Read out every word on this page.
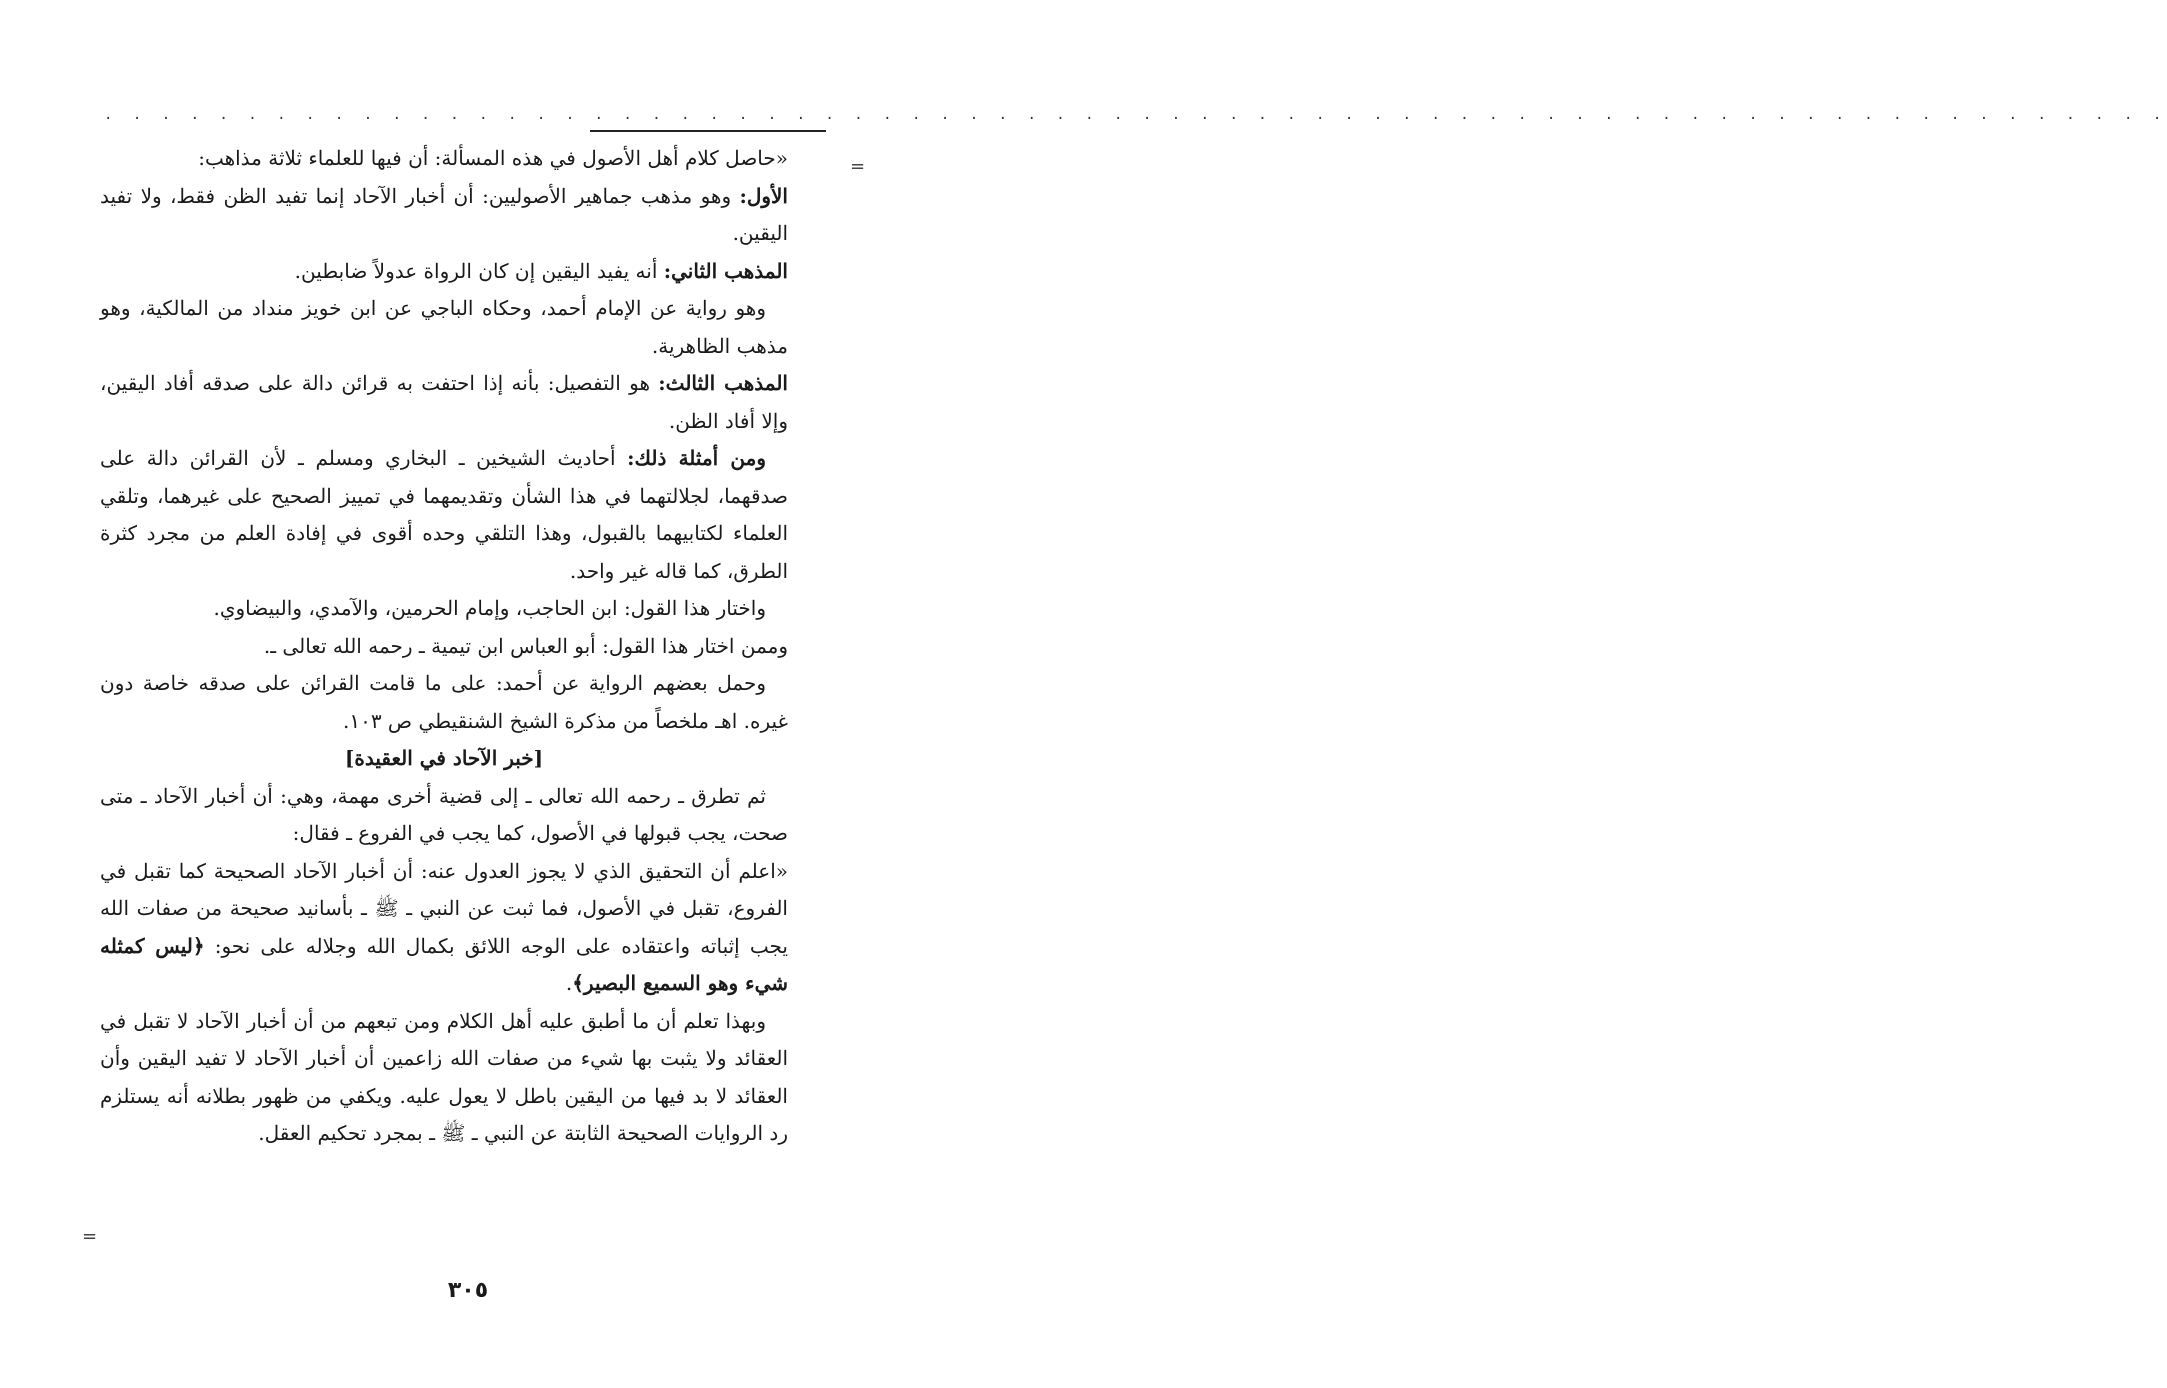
. . . . . . . . . . . . . . . . . . . . . . . . . . . . . . . . . . . . . . . . . . . . . . . . . . . . . . . . . . . . . . . . . . . . . . . .
=
=

«حاصل كلام أهل الأصول في هذه المسألة: أن فيها للعلماء ثلاثة مذاهب:

الأول: وهو مذهب جماهير الأصوليين: أن أخبار الآحاد إنما تفيد الظن فقط، ولا تفيد اليقين.

المذهب الثاني: أنه يفيد اليقين إن كان الرواة عدولاً ضابطين.

وهو رواية عن الإمام أحمد، وحكاه الباجي عن ابن خويز منداد من المالكية، وهو مذهب الظاهرية.

المذهب الثالث: هو التفصيل: بأنه إذا احتفت به قرائن دالة على صدقه أفاد اليقين، وإلا أفاد الظن.

ومن أمثلة ذلك: أحاديث الشيخين ـ البخاري ومسلم ـ لأن القرائن دالة على صدقهما، لجلالتهما في هذا الشأن وتقديمهما في تمييز الصحيح على غيرهما، وتلقي العلماء لكتابيهما بالقبول، وهذا التلقي وحده أقوى في إفادة العلم من مجرد كثرة الطرق، كما قاله غير واحد.

واختار هذا القول: ابن الحاجب، وإمام الحرمين، والآمدي، والبيضاوي.

وممن اختار هذا القول: أبو العباس ابن تيمية ـ رحمه الله تعالى ـ.

وحمل بعضهم الرواية عن أحمد: على ما قامت القرائن على صدقه خاصة دون غيره. اهـ ملخصاً من مذكرة الشيخ الشنقيطي ص ١٠٣.

[خبر الآحاد في العقيدة]

ثم تطرق ـ رحمه الله تعالى ـ إلى قضية أخرى مهمة، وهي: أن أخبار الآحاد ـ متى صحت، يجب قبولها في الأصول، كما يجب في الفروع ـ فقال:

«اعلم أن التحقيق الذي لا يجوز العدول عنه: أن أخبار الآحاد الصحيحة كما تقبل في الفروع، تقبل في الأصول، فما ثبت عن النبي ـ ﷺ ـ بأسانيد صحيحة من صفات الله يجب إثباته واعتقاده على الوجه اللائق بكمال الله وجلاله على نحو: ﴿ليس كمثله شيء وهو السميع البصير﴾.

وبهذا تعلم أن ما أطبق عليه أهل الكلام ومن تبعهم من أن أخبار الآحاد لا تقبل في العقائد ولا يثبت بها شيء من صفات الله زاعمين أن أخبار الآحاد لا تفيد اليقين وأن العقائد لا بد فيها من اليقين باطل لا يعول عليه. ويكفي من ظهور بطلانه أنه يستلزم رد الروايات الصحيحة الثابتة عن النبي ـ ﷺ ـ بمجرد تحكيم العقل.

٣٠٥
